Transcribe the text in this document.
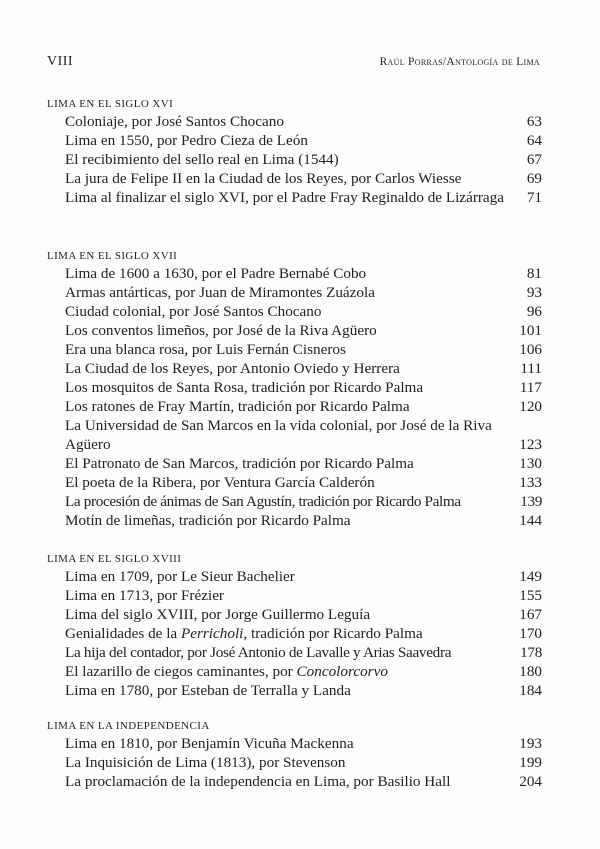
VIII	Raúl Porras/Antología de Lima
LIMA EN EL SIGLO XVI
Coloniaje, por José Santos Chocano	63
Lima en 1550, por Pedro Cieza de León	64
El recibimiento del sello real en Lima (1544)	67
La jura de Felipe II en la Ciudad de los Reyes, por Carlos Wiesse	69
Lima al finalizar el siglo XVI, por el Padre Fray Reginaldo de Lizárraga 71
LIMA EN EL SIGLO XVII
Lima de 1600 a 1630, por el Padre Bernabé Cobo	81
Armas antárticas, por Juan de Miramontes Zuázola	93
Ciudad colonial, por José Santos Chocano	96
Los conventos limeños, por José de la Riva Agüero	101
Era una blanca rosa, por Luis Fernán Cisneros	106
La Ciudad de los Reyes, por Antonio Oviedo y Herrera	111
Los mosquitos de Santa Rosa, tradición por Ricardo Palma	117
Los ratones de Fray Martín, tradición por Ricardo Palma	120
La Universidad de San Marcos en la vida colonial, por José de la Riva Agüero	123
El Patronato de San Marcos, tradición por Ricardo Palma	130
El poeta de la Ribera, por Ventura García Calderón	133
La procesión de ánimas de San Agustín, tradición por Ricardo Palma	139
Motín de limeñas, tradición por Ricardo Palma	144
LIMA EN EL SIGLO XVIII
Lima en 1709, por Le Sieur Bachelier	149
Lima en 1713, por Frézier	155
Lima del siglo XVIII, por Jorge Guillermo Leguía	167
Genialidades de la Perricholi, tradición por Ricardo Palma	170
La hija del contador, por José Antonio de Lavalle y Arias Saavedra	178
El lazarillo de ciegos caminantes, por Concolorcorvo	180
Lima en 1780, por Esteban de Terralla y Landa	184
LIMA EN LA INDEPENDENCIA
Lima en 1810, por Benjamín Vicuña Mackenna	193
La Inquisición de Lima (1813), por Stevenson	199
La proclamación de la independencia en Lima, por Basilio Hall	204
